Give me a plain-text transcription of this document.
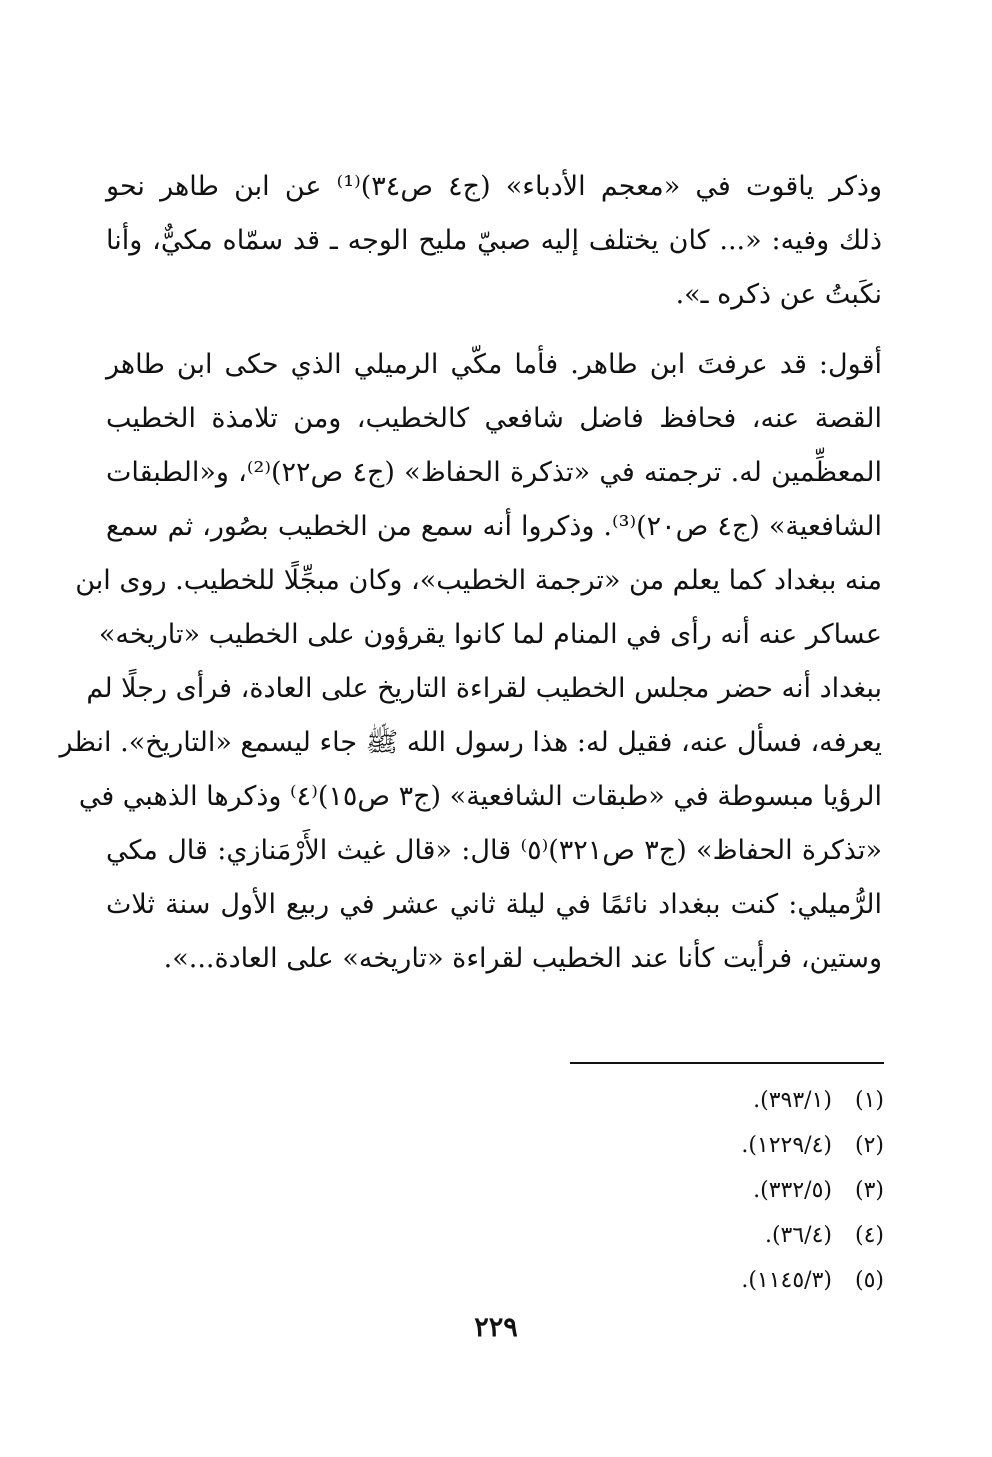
وذكر ياقوت في «معجم الأدباء» (ج٤ ص٣٤)⁽¹⁾ عن ابن طاهر نحو
ذلك وفيه: «... كان يختلف إليه صبيّ مليح الوجه ـ قد سمّاه مكيٌّ، وأنا
نكَبتُ عن ذكره ـ».
أقول: قد عرفتَ ابن طاهر. فأما مكّي الرميلي الذي حكى ابن طاهر
القصة عنه، فحافظ فاضل شافعي كالخطيب، ومن تلامذة الخطيب
المعظِّمين له. ترجمته في «تذكرة الحفاظ» (ج٤ ص٢٢)⁽²⁾، و«الطبقات
الشافعية» (ج٤ ص٢٠)⁽³⁾. وذكروا أنه سمع من الخطيب بصُور، ثم سمع
منه ببغداد كما يعلم من «ترجمة الخطيب»، وكان مبجِّلًا للخطيب. روى ابن
عساكر عنه أنه رأى في المنام لما كانوا يقرؤون على الخطيب «تاريخه»
ببغداد أنه حضر مجلس الخطيب لقراءة التاريخ على العادة، فرأى رجلًا لم
يعرفه، فسأل عنه، فقيل له: هذا رسول الله ﷺ جاء ليسمع «التاريخ». انظر
الرؤيا مبسوطة في «طبقات الشافعية» (ج٣ ص١٥)⁽٤⁾ وذكرها الذهبي في
«تذكرة الحفاظ» (ج٣ ص٣٢١)⁽٥⁾ قال: «قال غيث الأَرْمَنازي: قال مكي
الرُّميلي: كنت ببغداد نائمًا في ليلة ثاني عشر في ربيع الأول سنة ثلاث
وستين، فرأيت كأنا عند الخطيب لقراءة «تاريخه» على العادة...».
(١)
(٣٩٣/١).
(٢)
(١٢٢٩/٤).
(٣)
(٣٣٢/٥).
(٤)
(٣٦/٤).
(٥)
(١١٤٥/٣).
٢٢٩
